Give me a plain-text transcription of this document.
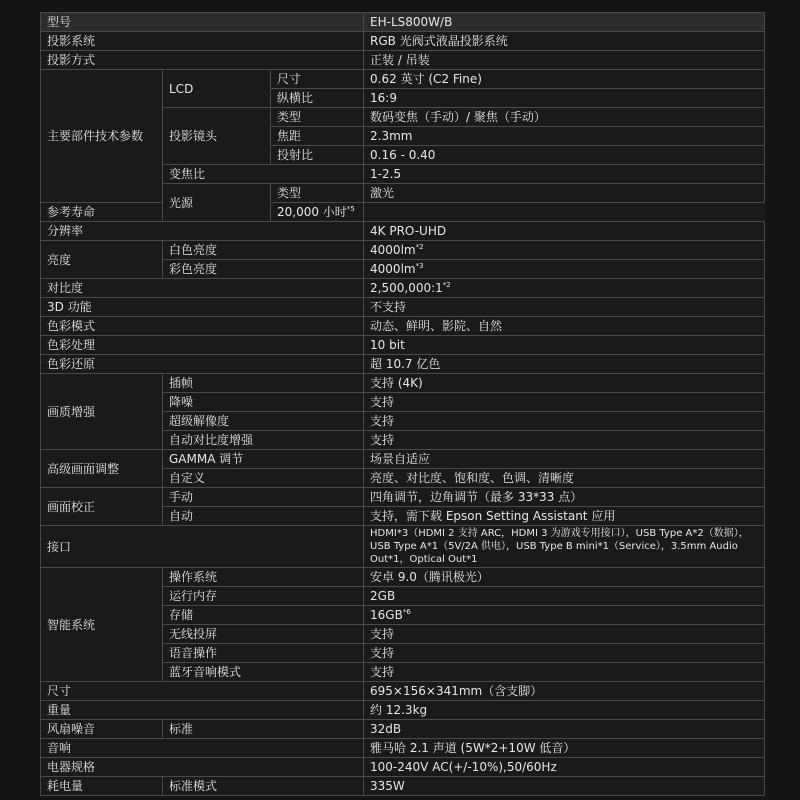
型号			EH-LS800W/B
投影系统			RGB 光阀式液晶投影系统
投影方式			正装 / 吊装
主要部件技术参数	LCD	尺寸	0.62 英寸 (C2 Fine)
		纵横比	16:9
	投影镜头	类型	数码变焦（手动）/ 聚焦（手动）
		焦距	2.3mm
		投射比	0.16 - 0.40
	变焦比		1-2.5
	光源	类型	激光
参考寿命		20,000 小时$^{*5}$
分辨率			4K PRO-UHD
亮度	白色亮度		$4000lm^{*2}$
	彩色亮度		$4000lm^{*3}$
对比度			2,500,000:1$^{*2}$
3D 功能			不支持
色彩模式			动态、鲜明、影院、自然
色彩处理			10 bit
色彩还原			超 10.7 亿色
画质增强	插帧		支持 (4K)
	降噪		支持
	超级解像度		支持
	自动对比度增强		支持
高级画面调整	GAMMA 调节		场景自适应
	自定义		亮度、对比度、饱和度、色调、清晰度
画面校正	手动		四角调节，边角调节（最多 33*33 点）
	自动		支持，需下载 Epson Setting Assistant 应用
接口			HDMI*3（HDMI 2 支持 ARC，HDMI 3 为游戏专用接口），USB Type A*2（数据），USB Type A*1（5V/2A 供电），USB Type B mini*1（Service），3.5mm Audio Out*1，Optical Out*1
智能系统	操作系统		安卓 9.0（腾讯极光）
	运行内存		2GB
	存储		16GB$^{*6}$
	无线投屏		支持
	语音操作		支持
	蓝牙音响模式		支持
尺寸			695×156×341mm（含支脚）
重量			约 12.3kg
风扇噪音	标准		32dB
音响			雅马哈 2.1 声道 (5W*2+10W 低音）
电器规格			100-240V AC(+/-10%),50/60Hz
耗电量	标准模式		335W
